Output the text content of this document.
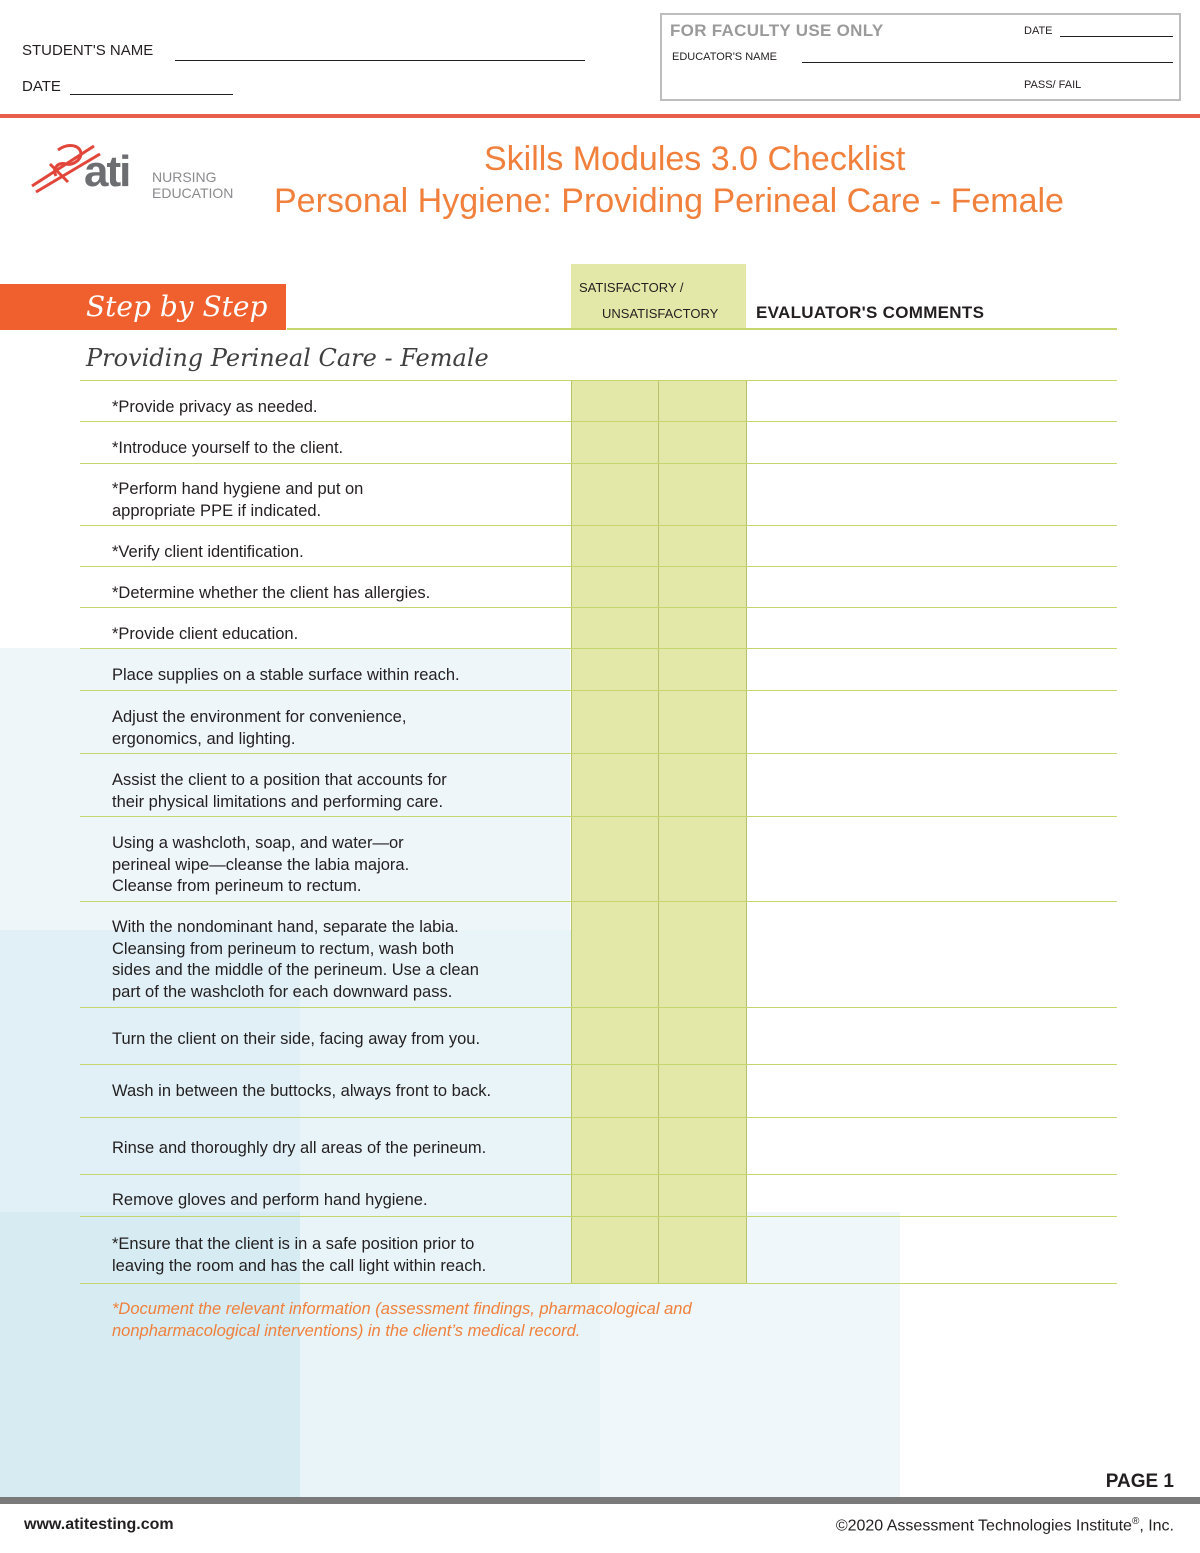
STUDENT'S NAME
DATE
FOR FACULTY USE ONLY	DATE
EDUCATOR'S NAME
PASS/ FAIL
ati NURSING
EDUCATION
Skills Modules 3.0 Checklist
Personal Hygiene: Providing Perineal Care - Female
Step by Step
SATISFACTORY /
UNSATISFACTORY EVALUATOR'S COMMENTS
Providing Perineal Care - Female
*Provide privacy as needed.
*Introduce yourself to the client.
*Perform hand hygiene and put on
appropriate PPE if indicated.
*Verify client identification.
*Determine whether the client has allergies.
*Provide client education.
Place supplies on a stable surface within reach.
Adjust the environment for convenience,
ergonomics, and lighting.
Assist the client to a position that accounts for
their physical limitations and performing care.
Using a washcloth, soap, and water—or
perineal wipe—cleanse the labia majora.
Cleanse from perineum to rectum.
With the nondominant hand, separate the labia.
Cleansing from perineum to rectum, wash both
sides and the middle of the perineum. Use a clean
part of the washcloth for each downward pass.
Turn the client on their side, facing away from you.
Wash in between the buttocks, always front to back.
Rinse and thoroughly dry all areas of the perineum.
Remove gloves and perform hand hygiene.
*Ensure that the client is in a safe position prior to
leaving the room and has the call light within reach.
*Document the relevant information (assessment findings, pharmacological and
nonpharmacological interventions) in the client’s medical record.
PAGE 1
www.atitesting.com	©2020 Assessment Technologies Institute®, Inc.
